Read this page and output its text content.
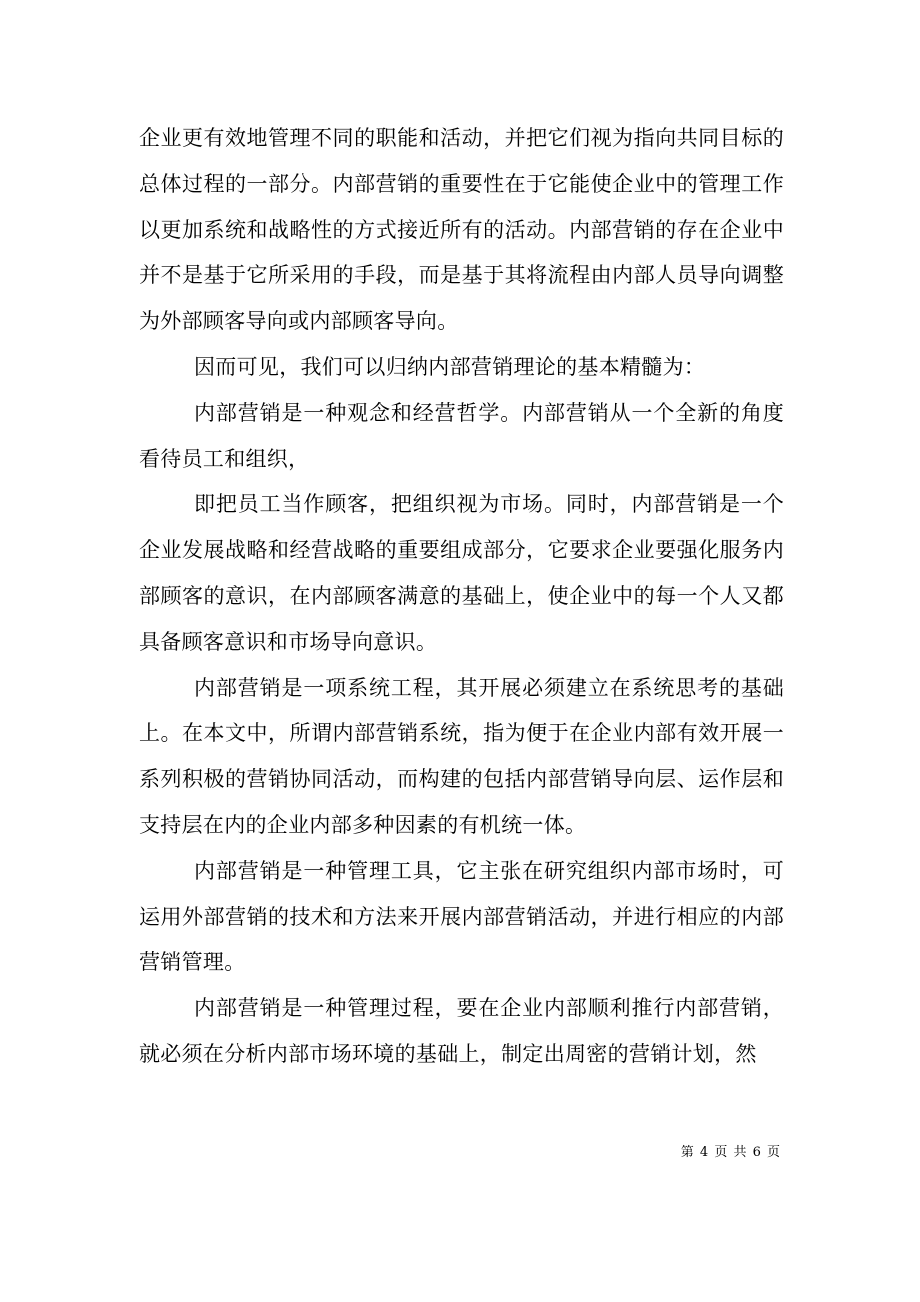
企业更有效地管理不同的职能和活动，并把它们视为指向共同目标的总体过程的一部分。内部营销的重要性在于它能使企业中的管理工作以更加系统和战略性的方式接近所有的活动。内部营销的存在企业中并不是基于它所采用的手段，而是基于其将流程由内部人员导向调整为外部顾客导向或内部顾客导向。

因而可见，我们可以归纳内部营销理论的基本精髓为：

内部营销是一种观念和经营哲学。内部营销从一个全新的角度看待员工和组织，

即把员工当作顾客，把组织视为市场。同时，内部营销是一个企业发展战略和经营战略的重要组成部分，它要求企业要强化服务内部顾客的意识，在内部顾客满意的基础上，使企业中的每一个人又都具备顾客意识和市场导向意识。

内部营销是一项系统工程，其开展必须建立在系统思考的基础上。在本文中，所谓内部营销系统，指为便于在企业内部有效开展一系列积极的营销协同活动，而构建的包括内部营销导向层、运作层和支持层在内的企业内部多种因素的有机统一体。

内部营销是一种管理工具，它主张在研究组织内部市场时，可运用外部营销的技术和方法来开展内部营销活动，并进行相应的内部营销管理。

内部营销是一种管理过程，要在企业内部顺利推行内部营销，就必须在分析内部市场环境的基础上，制定出周密的营销计划，然

第 4 页 共 6 页
